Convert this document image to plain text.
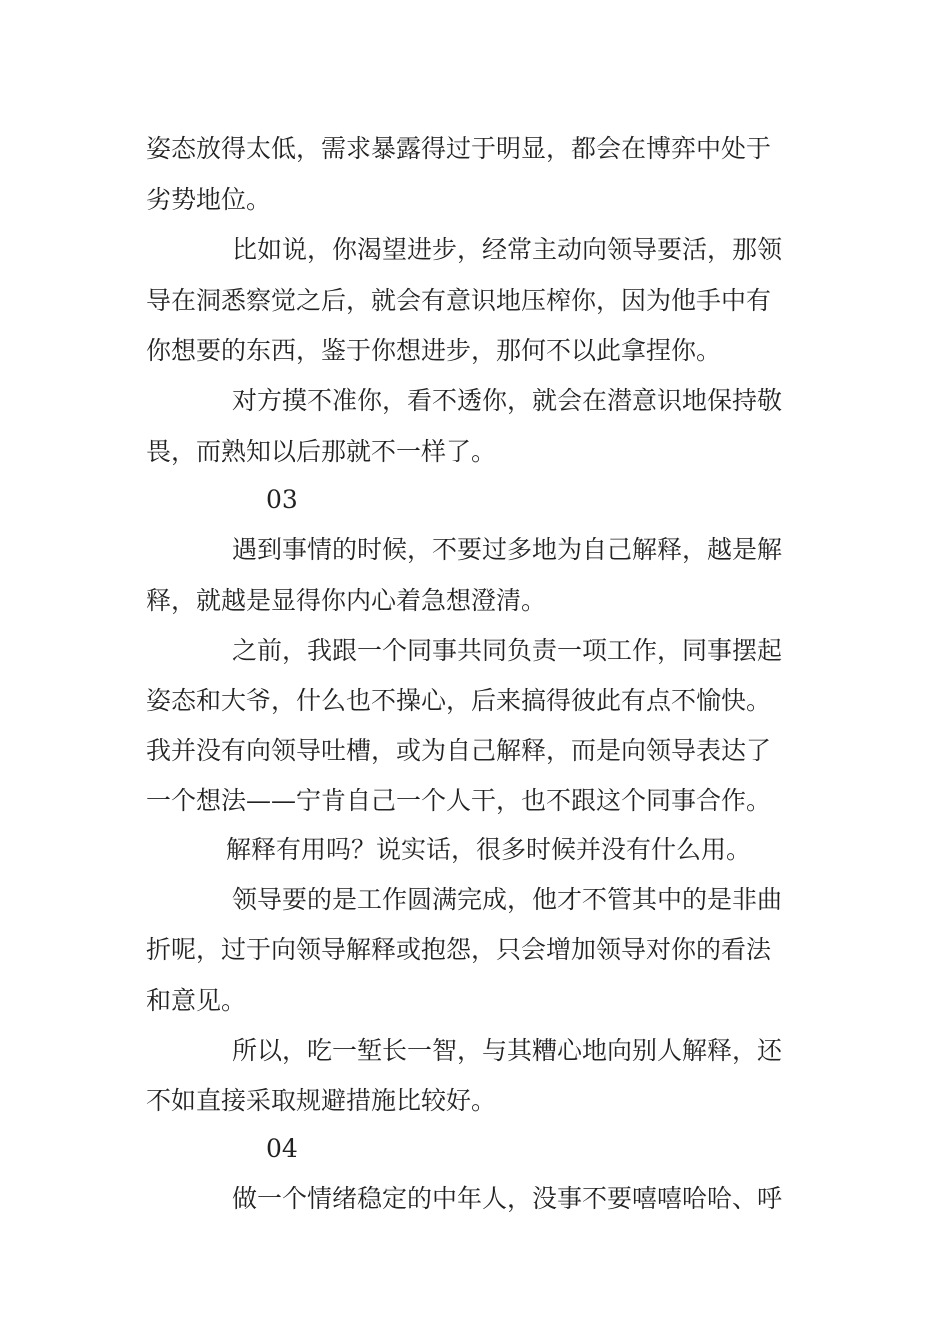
姿态放得太低，需求暴露得过于明显，都会在博弈中处于
劣势地位。
比如说，你渴望进步，经常主动向领导要活，那领
导在洞悉察觉之后，就会有意识地压榨你，因为他手中有
你想要的东西，鉴于你想进步，那何不以此拿捏你。
对方摸不准你，看不透你，就会在潜意识地保持敬
畏，而熟知以后那就不一样了。
03
遇到事情的时候，不要过多地为自己解释，越是解
释，就越是显得你内心着急想澄清。
之前，我跟一个同事共同负责一项工作，同事摆起
姿态和大爷，什么也不操心，后来搞得彼此有点不愉快。
我并没有向领导吐槽，或为自己解释，而是向领导表达了
一个想法——宁肯自己一个人干，也不跟这个同事合作。
解释有用吗？说实话，很多时候并没有什么用。
领导要的是工作圆满完成，他才不管其中的是非曲
折呢，过于向领导解释或抱怨，只会增加领导对你的看法
和意见。
所以，吃一堑长一智，与其糟心地向别人解释，还
不如直接采取规避措施比较好。
04
做一个情绪稳定的中年人，没事不要嘻嘻哈哈、呼
